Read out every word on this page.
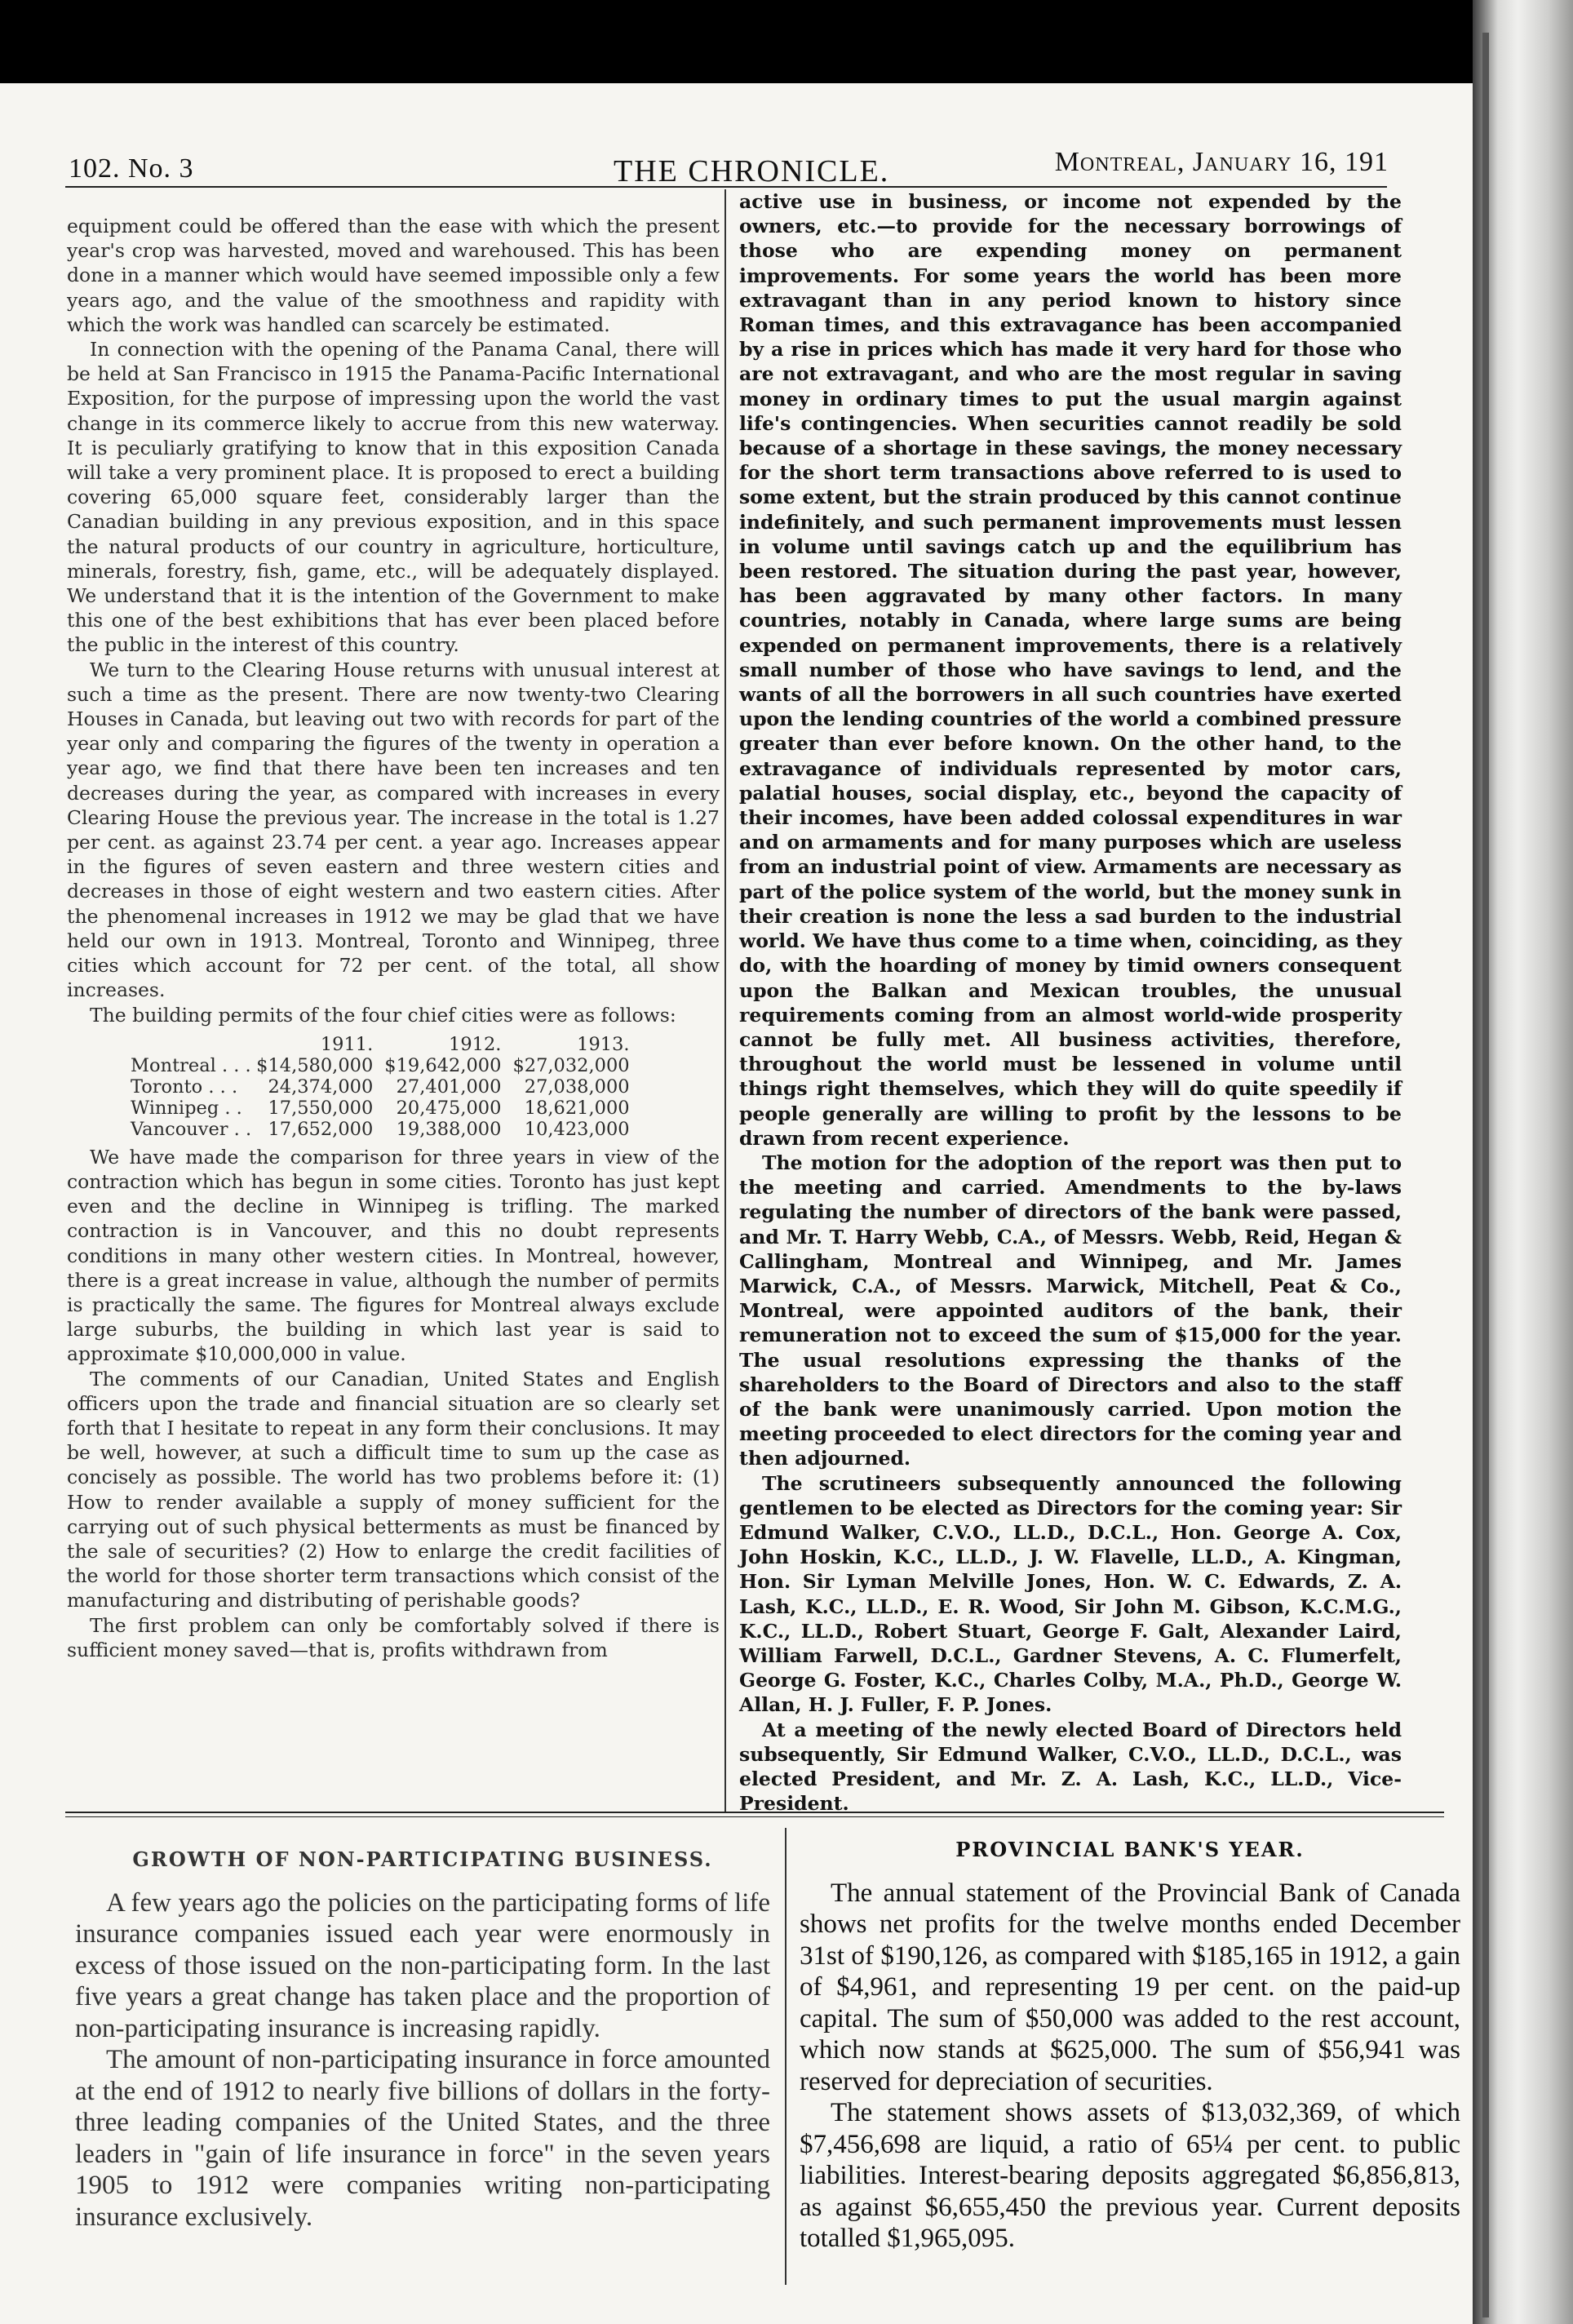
102. No. 3	THE CHRONICLE.	Montreal, January 16, 191

equipment could be offered than the ease with which the present year's crop was harvested, moved and warehoused. This has been done in a manner which would have seemed impossible only a few years ago, and the value of the smoothness and rapidity with which the work was handled can scarcely be estimated.

In connection with the opening of the Panama Canal, there will be held at San Francisco in 1915 the Panama-Pacific International Exposition, for the purpose of impressing upon the world the vast change in its commerce likely to accrue from this new waterway. It is peculiarly gratifying to know that in this exposition Canada will take a very prominent place. It is proposed to erect a building covering 65,000 square feet, considerably larger than the Canadian building in any previous exposition, and in this space the natural products of our country in agriculture, horticulture, minerals, forestry, fish, game, etc., will be adequately displayed. We understand that it is the intention of the Government to make this one of the best exhibitions that has ever been placed before the public in the interest of this country.

We turn to the Clearing House returns with unusual interest at such a time as the present. There are now twenty-two Clearing Houses in Canada, but leaving out two with records for part of the year only and comparing the figures of the twenty in operation a year ago, we find that there have been ten increases and ten decreases during the year, as compared with increases in every Clearing House the previous year. The increase in the total is 1.27 per cent. as against 23.74 per cent. a year ago. Increases appear in the figures of seven eastern and three western cities and decreases in those of eight western and two eastern cities. After the phenomenal increases in 1912 we may be glad that we have held our own in 1913. Montreal, Toronto and Winnipeg, three cities which account for 72 per cent. of the total, all show increases.

The building permits of the four chief cities were as follows:

	1911.	1912.	1913.
Montreal . . .	$14,580,000	$19,642,000	$27,032,000
Toronto . . .	24,374,000	27,401,000	27,038,000
Winnipeg . .	17,550,000	20,475,000	18,621,000
Vancouver . .	17,652,000	19,388,000	10,423,000

We have made the comparison for three years in view of the contraction which has begun in some cities. Toronto has just kept even and the decline in Winnipeg is trifling. The marked contraction is in Vancouver, and this no doubt represents conditions in many other western cities. In Montreal, however, there is a great increase in value, although the number of permits is practically the same. The figures for Montreal always exclude large suburbs, the building in which last year is said to approximate $10,000,000 in value.

The comments of our Canadian, United States and English officers upon the trade and financial situation are so clearly set forth that I hesitate to repeat in any form their conclusions. It may be well, however, at such a difficult time to sum up the case as concisely as possible. The world has two problems before it: (1) How to render available a supply of money sufficient for the carrying out of such physical betterments as must be financed by the sale of securities? (2) How to enlarge the credit facilities of the world for those shorter term transactions which consist of the manufacturing and distributing of perishable goods?

The first problem can only be comfortably solved if there is sufficient money saved—that is, profits withdrawn from

active use in business, or income not expended by the owners, etc.—to provide for the necessary borrowings of those who are expending money on permanent improvements. For some years the world has been more extravagant than in any period known to history since Roman times, and this extravagance has been accompanied by a rise in prices which has made it very hard for those who are not extravagant, and who are the most regular in saving money in ordinary times to put the usual margin against life's contingencies. When securities cannot readily be sold because of a shortage in these savings, the money necessary for the short term transactions above referred to is used to some extent, but the strain produced by this cannot continue indefinitely, and such permanent improvements must lessen in volume until savings catch up and the equilibrium has been restored. The situation during the past year, however, has been aggravated by many other factors. In many countries, notably in Canada, where large sums are being expended on permanent improvements, there is a relatively small number of those who have savings to lend, and the wants of all the borrowers in all such countries have exerted upon the lending countries of the world a combined pressure greater than ever before known. On the other hand, to the extravagance of individuals represented by motor cars, palatial houses, social display, etc., beyond the capacity of their incomes, have been added colossal expenditures in war and on armaments and for many purposes which are useless from an industrial point of view. Armaments are necessary as part of the police system of the world, but the money sunk in their creation is none the less a sad burden to the industrial world. We have thus come to a time when, coinciding, as they do, with the hoarding of money by timid owners consequent upon the Balkan and Mexican troubles, the unusual requirements coming from an almost world-wide prosperity cannot be fully met. All business activities, therefore, throughout the world must be lessened in volume until things right themselves, which they will do quite speedily if people generally are willing to profit by the lessons to be drawn from recent experience.

The motion for the adoption of the report was then put to the meeting and carried. Amendments to the by-laws regulating the number of directors of the bank were passed, and Mr. T. Harry Webb, C.A., of Messrs. Webb, Reid, Hegan & Callingham, Montreal and Winnipeg, and Mr. James Marwick, C.A., of Messrs. Marwick, Mitchell, Peat & Co., Montreal, were appointed auditors of the bank, their remuneration not to exceed the sum of $15,000 for the year. The usual resolutions expressing the thanks of the shareholders to the Board of Directors and also to the staff of the bank were unanimously carried. Upon motion the meeting proceeded to elect directors for the coming year and then adjourned.

The scrutineers subsequently announced the following gentlemen to be elected as Directors for the coming year: Sir Edmund Walker, C.V.O., LL.D., D.C.L., Hon. George A. Cox, John Hoskin, K.C., LL.D., J. W. Flavelle, LL.D., A. Kingman, Hon. Sir Lyman Melville Jones, Hon. W. C. Edwards, Z. A. Lash, K.C., LL.D., E. R. Wood, Sir John M. Gibson, K.C.M.G., K.C., LL.D., Robert Stuart, George F. Galt, Alexander Laird, William Farwell, D.C.L., Gardner Stevens, A. C. Flumerfelt, George G. Foster, K.C., Charles Colby, M.A., Ph.D., George W. Allan, H. J. Fuller, F. P. Jones.

At a meeting of the newly elected Board of Directors held subsequently, Sir Edmund Walker, C.V.O., LL.D., D.C.L., was elected President, and Mr. Z. A. Lash, K.C., LL.D., Vice-President.

GROWTH OF NON-PARTICIPATING BUSINESS.

A few years ago the policies on the participating forms of life insurance companies issued each year were enormously in excess of those issued on the non-participating form. In the last five years a great change has taken place and the proportion of non-participating insurance is increasing rapidly.

The amount of non-participating insurance in force amounted at the end of 1912 to nearly five billions of dollars in the forty-three leading companies of the United States, and the three leaders in "gain of life insurance in force" in the seven years 1905 to 1912 were companies writing non-participating insurance exclusively.

PROVINCIAL BANK'S YEAR.

The annual statement of the Provincial Bank of Canada shows net profits for the twelve months ended December 31st of $190,126, as compared with $185,165 in 1912, a gain of $4,961, and representing 19 per cent. on the paid-up capital. The sum of $50,000 was added to the rest account, which now stands at $625,000. The sum of $56,941 was reserved for depreciation of securities.

The statement shows assets of $13,032,369, of which $7,456,698 are liquid, a ratio of 65¼ per cent. to public liabilities. Interest-bearing deposits aggregated $6,856,813, as against $6,655,450 the previous year. Current deposits totalled $1,965,095.
